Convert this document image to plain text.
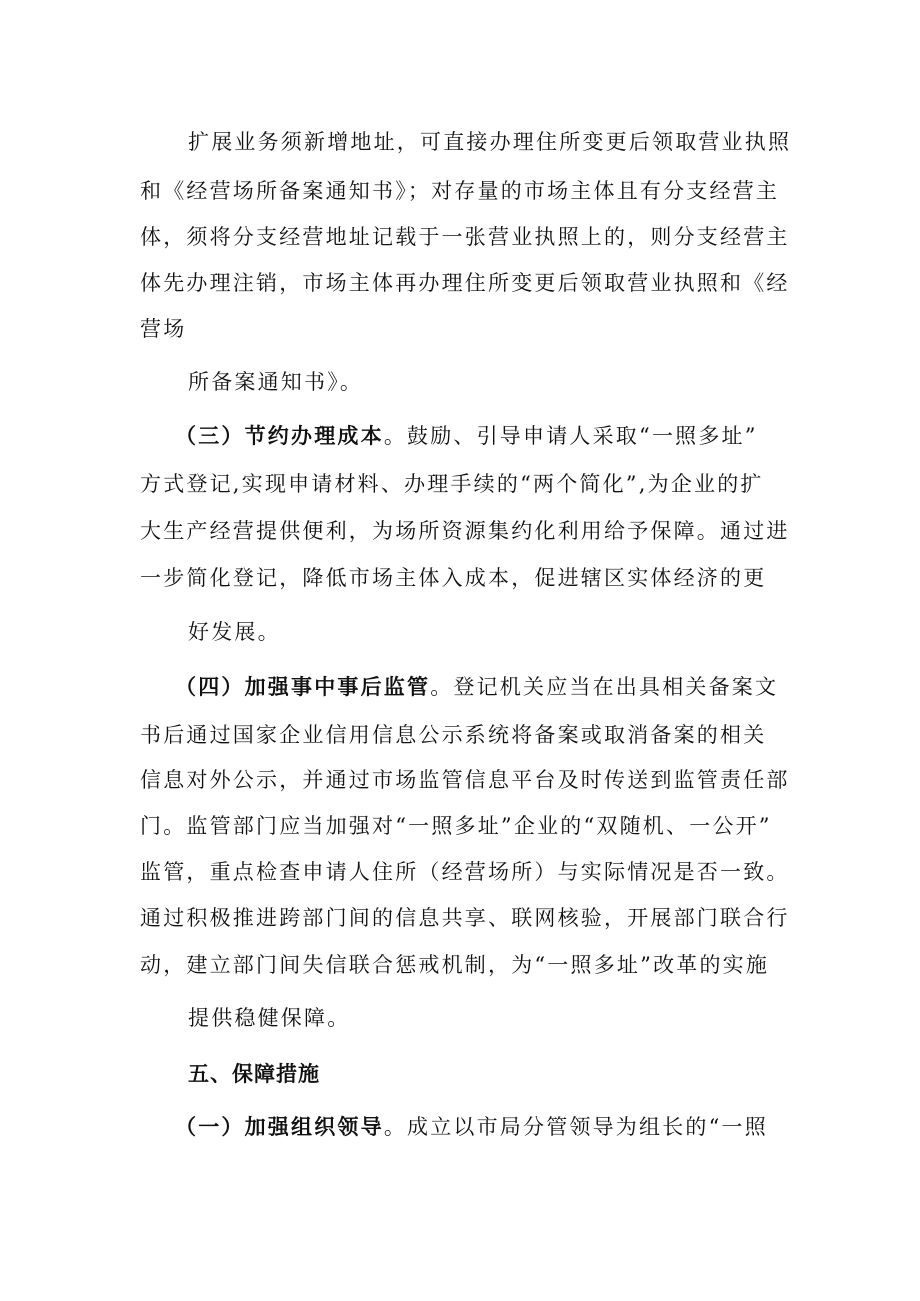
扩展业务须新增地址，可直接办理住所变更后领取营业执照
和《经营场所备案通知书》；对存量的市场主体且有分支经营主
体，须将分支经营地址记载于一张营业执照上的，则分支经营主
体先办理注销，市场主体再办理住所变更后领取营业执照和《经
营场
所备案通知书》。
（三）节约办理成本。鼓励、引导申请人采取“一照多址”
方式登记,实现申请材料、办理手续的“两个简化”,为企业的扩
大生产经营提供便利，为场所资源集约化利用给予保障。通过进
一步简化登记，降低市场主体入成本，促进辖区实体经济的更
好发展。
（四）加强事中事后监管。登记机关应当在出具相关备案文
书后通过国家企业信用信息公示系统将备案或取消备案的相关
信息对外公示，并通过市场监管信息平台及时传送到监管责任部
门。监管部门应当加强对“一照多址”企业的“双随机、一公开”
监管，重点检查申请人住所（经营场所）与实际情况是否一致。
通过积极推进跨部门间的信息共享、联网核验，开展部门联合行
动，建立部门间失信联合惩戒机制，为“一照多址”改革的实施
提供稳健保障。
五、保障措施
（一）加强组织领导。成立以市局分管领导为组长的“一照
